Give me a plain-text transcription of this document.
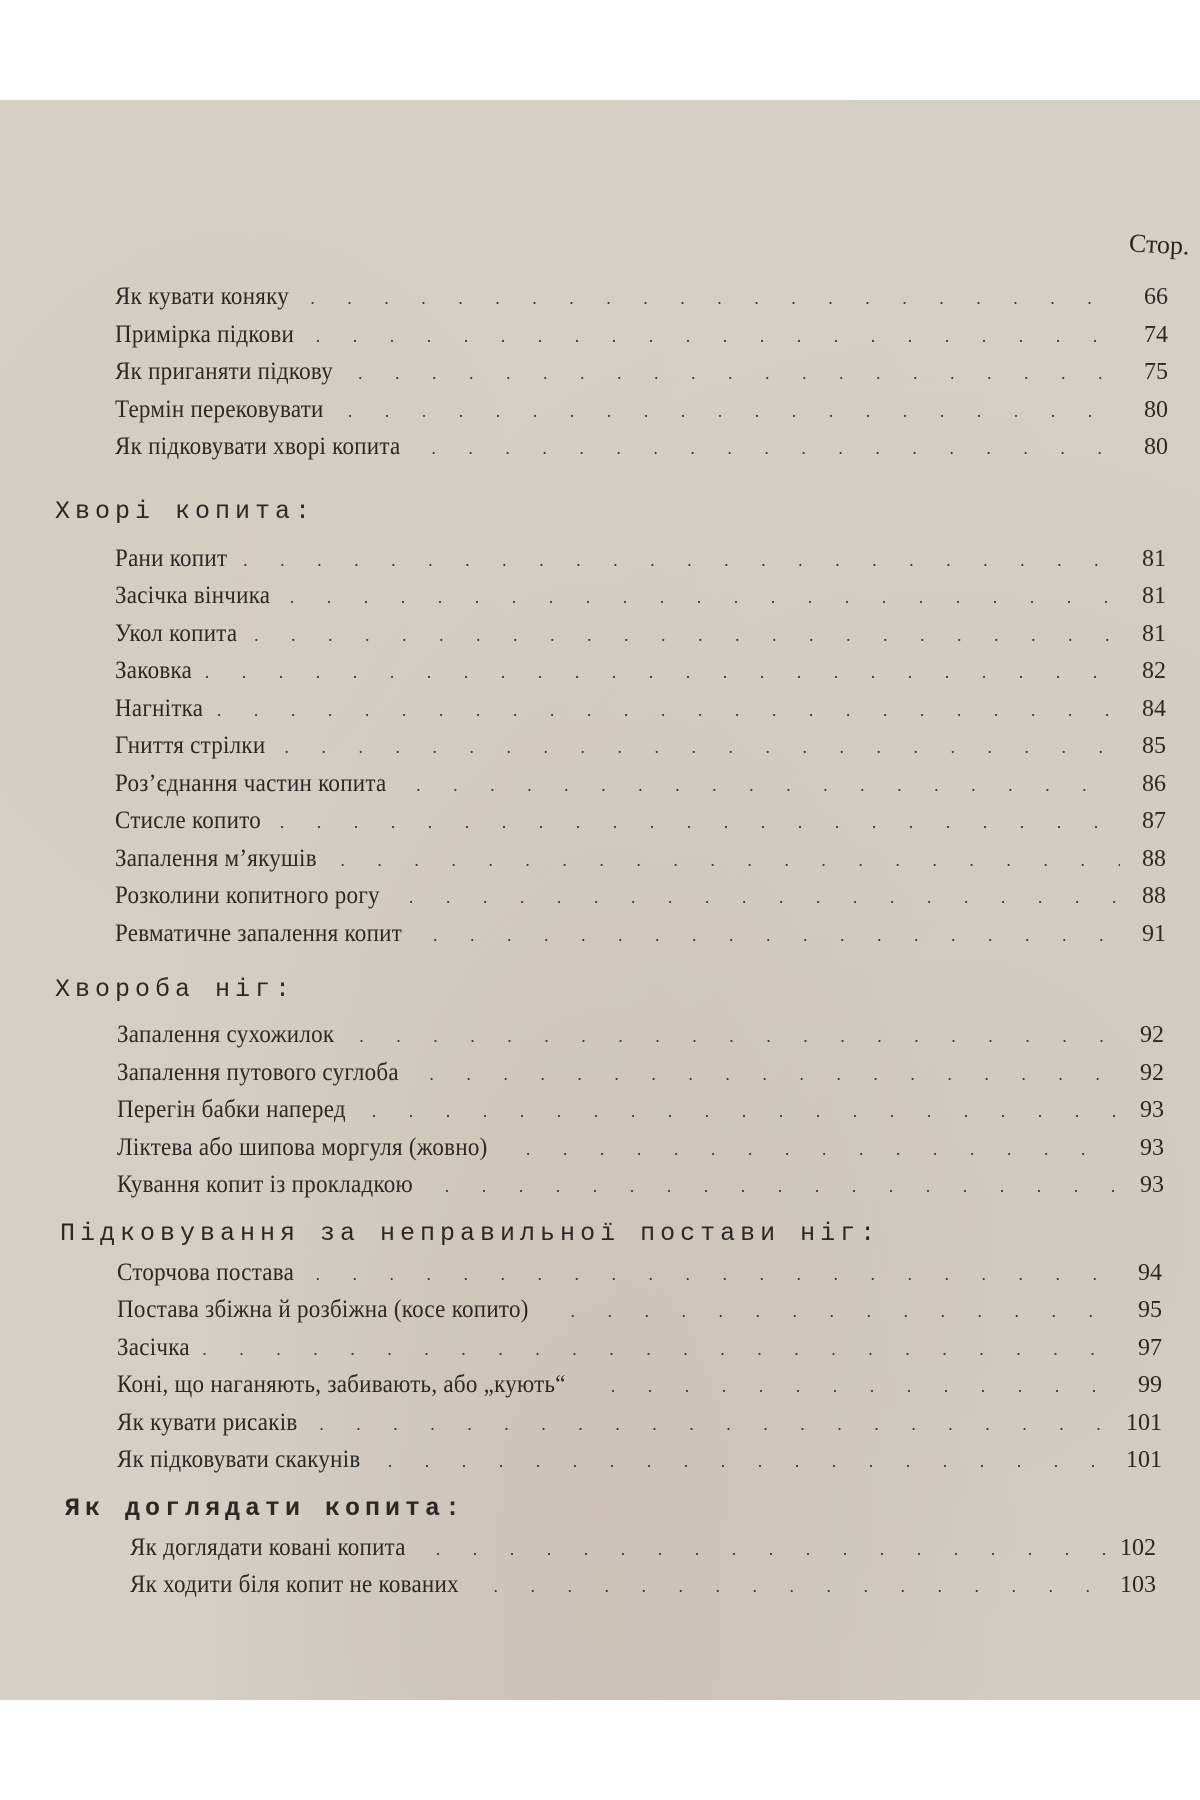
Стор.
Як кувати коняку . . .	66
Примірка підкови . . .	74
Як приганяти підкову . . .	75
Термін перековувати . . .	80
Як підковувати хворі копита . . .	80
Хворі копита:
Рани копит . . .	81
Засічка вінчика . . .	81
Укол копита . . .	81
Заковка . . .	82
Нагнітка . . .	84
Гниття стрілки . . .	85
Роз’єднання частин копита . . .	86
Стисле копито . . .	87
Запалення м’якушів . . .	88
Розколини копитного рогу . . .	88
Ревматичне запалення копит . . .	91
Хвороба ніг:
Запалення сухожилок . . .	92
Запалення путового суглоба . . .	92
Перегін бабки наперед . . .	93
Ліктева або шипова моргуля (жовно) . . .	93
Кування копит із прокладкою . . .	93
Підковування за неправильної постави ніг:
Сторчова постава . . .	94
Постава збіжна й розбіжна (косе копито) . . .	95
Засічка . . .	97
Коні, що наганяють, забивають, або „кують“ . . .	99
Як кувати рисаків . . .	101
Як підковувати скакунів . . .	101
Як доглядати копита:
Як доглядати ковані копита . . .	102
Як ходити біля копит не кованих . . .	103
